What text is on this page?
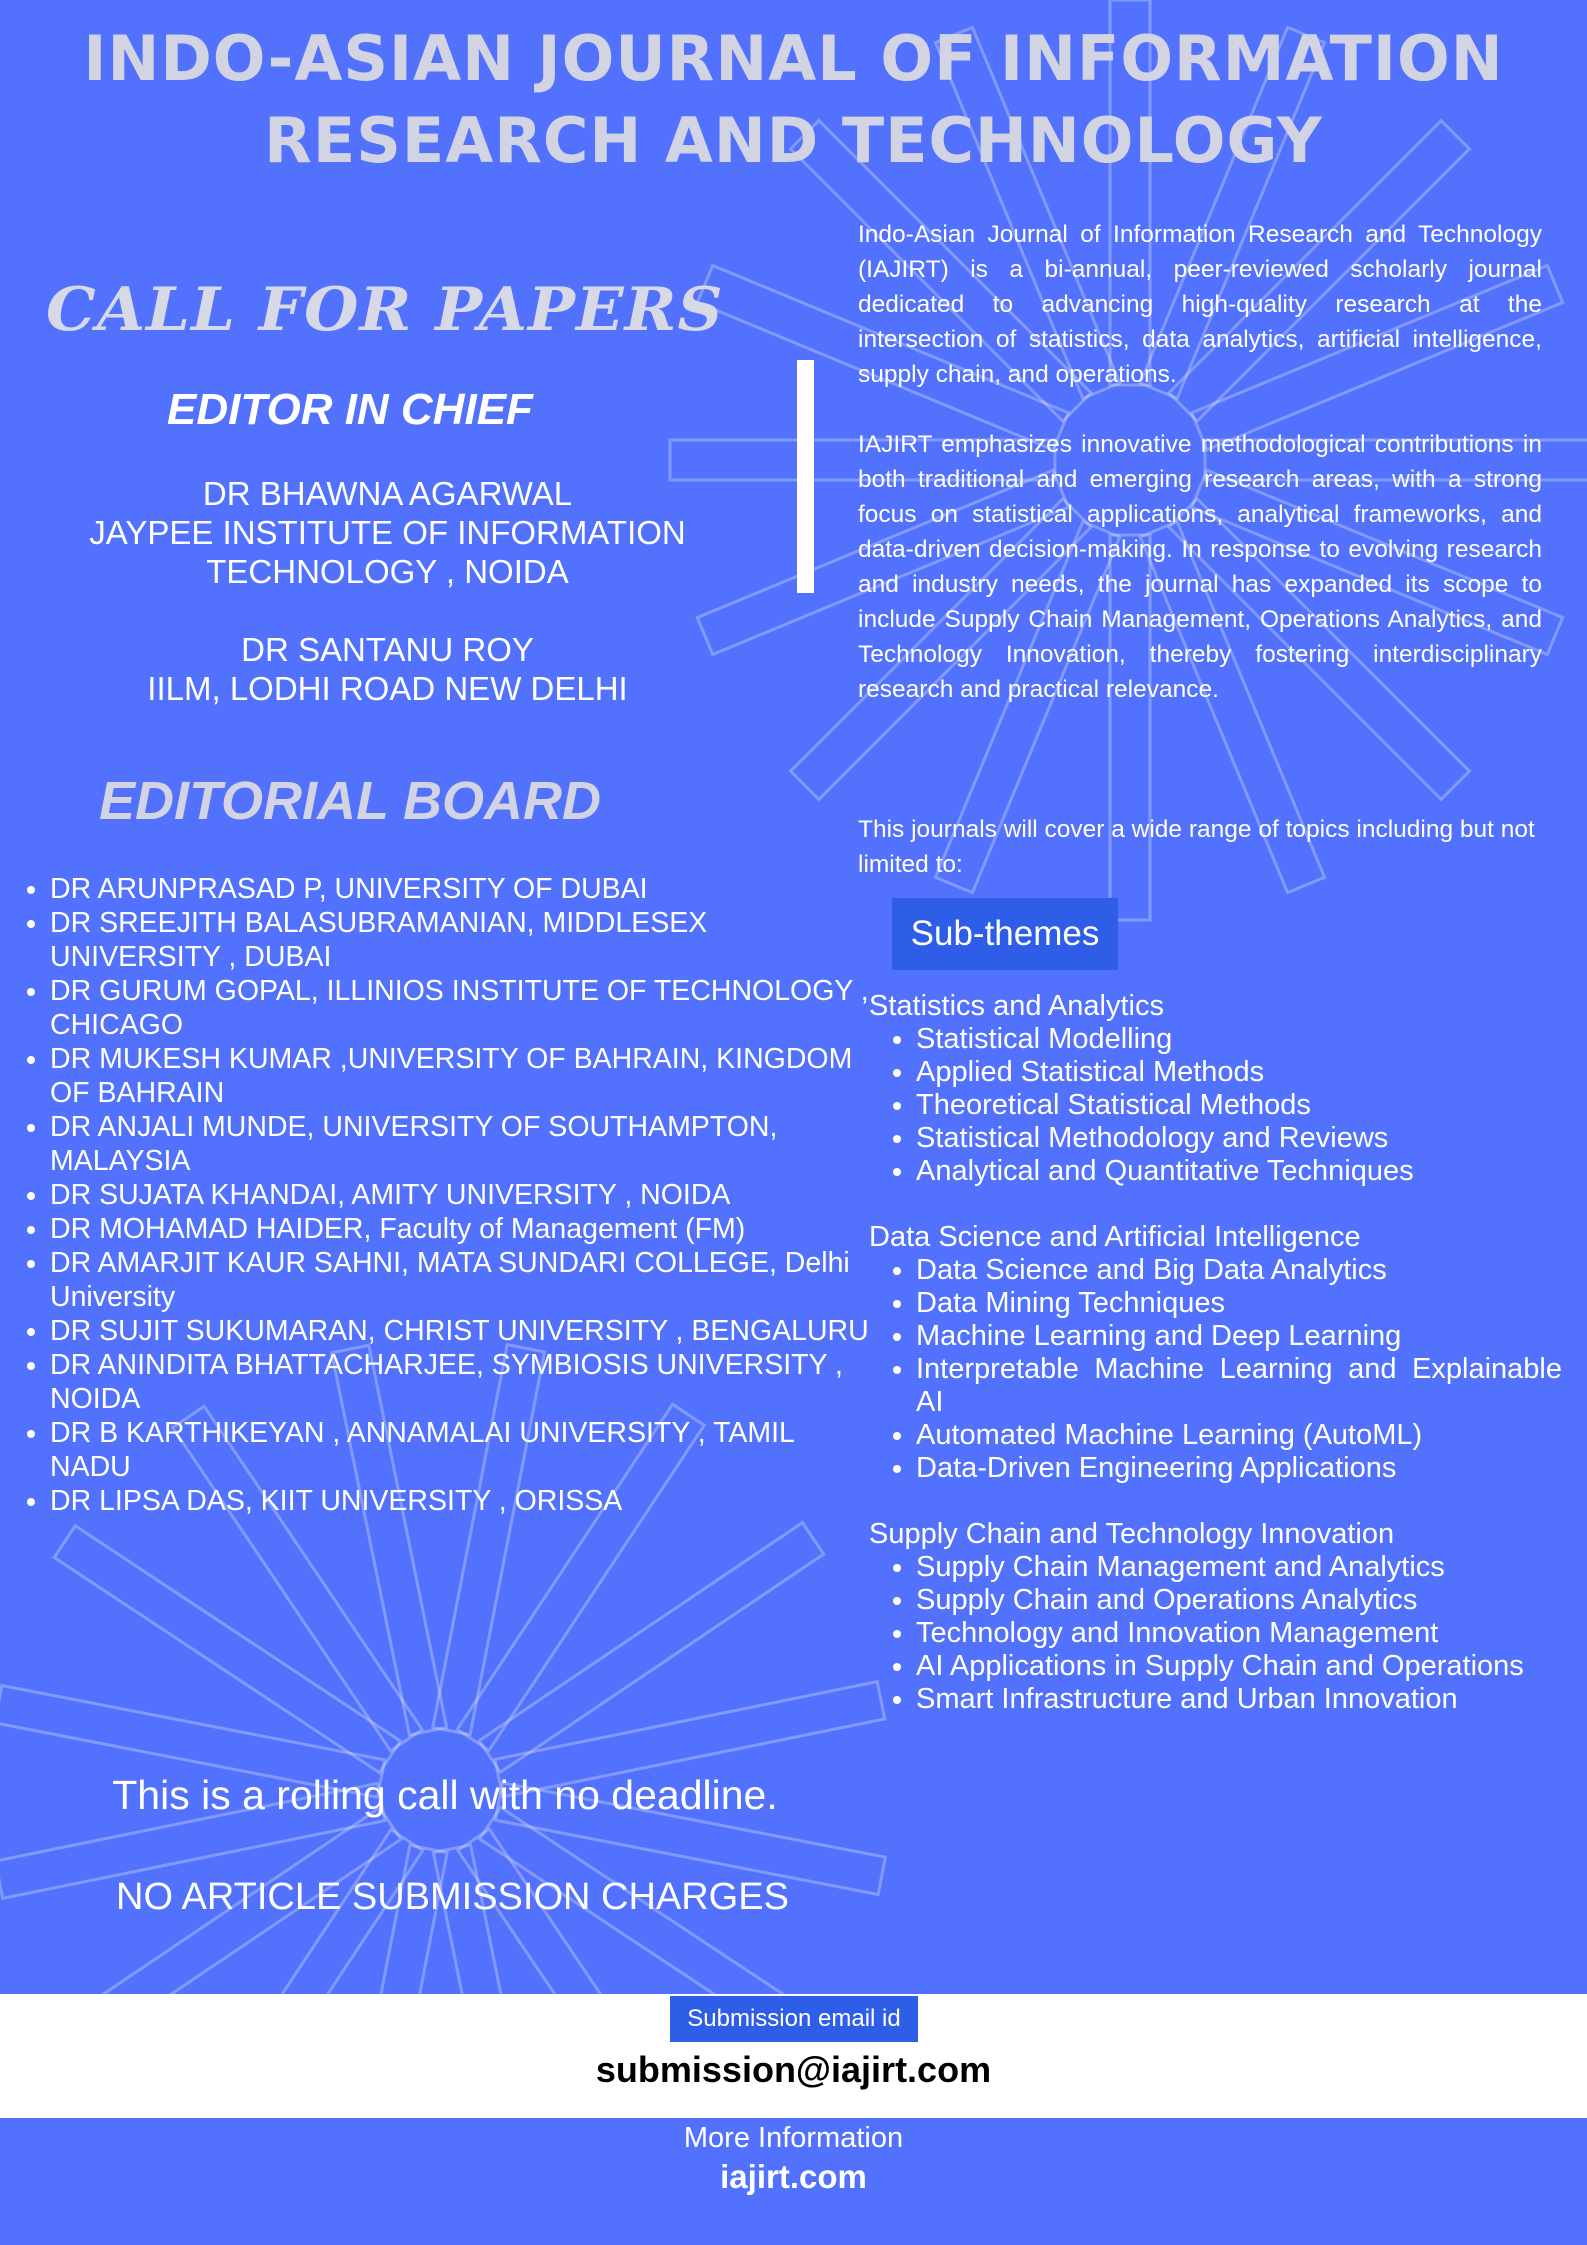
INDO-ASIAN JOURNAL OF INFORMATION
RESEARCH AND TECHNOLOGY
CALL FOR PAPERS
EDITOR IN CHIEF
DR BHAWNA AGARWAL
JAYPEE INSTITUTE OF INFORMATION
TECHNOLOGY , NOIDA
DR SANTANU ROY
IILM, LODHI ROAD NEW DELHI
EDITORIAL BOARD
• DR ARUNPRASAD P, UNIVERSITY OF DUBAI
• DR SREEJITH BALASUBRAMANIAN, MIDDLESEX UNIVERSITY , DUBAI
• DR GURUM GOPAL, ILLINIOS INSTITUTE OF TECHNOLOGY , CHICAGO
• DR MUKESH KUMAR ,UNIVERSITY OF BAHRAIN, KINGDOM OF BAHRAIN
• DR ANJALI MUNDE, UNIVERSITY OF SOUTHAMPTON, MALAYSIA
• DR SUJATA KHANDAI, AMITY UNIVERSITY , NOIDA
• DR MOHAMAD HAIDER, Faculty of Management (FM)
• DR AMARJIT KAUR SAHNI, MATA SUNDARI COLLEGE, Delhi University
• DR SUJIT SUKUMARAN, CHRIST UNIVERSITY , BENGALURU
• DR ANINDITA BHATTACHARJEE, SYMBIOSIS UNIVERSITY , NOIDA
• DR B KARTHIKEYAN , ANNAMALAI UNIVERSITY , TAMIL NADU
• DR LIPSA DAS, KIIT UNIVERSITY , ORISSA

Indo-Asian Journal of Information Research and Technology (IAJIRT) is a bi-annual, peer-reviewed scholarly journal dedicated to advancing high-quality research at the intersection of statistics, data analytics, artificial intelligence, supply chain, and operations.

IAJIRT emphasizes innovative methodological contributions in both traditional and emerging research areas, with a strong focus on statistical applications, analytical frameworks, and data-driven decision-making. In response to evolving research and industry needs, the journal has expanded its scope to include Supply Chain Management, Operations Analytics, and Technology Innovation, thereby fostering interdisciplinary research and practical relevance.

This journals will cover a wide range of topics including but not limited to:

Sub-themes
Statistics and Analytics
• Statistical Modelling
• Applied Statistical Methods
• Theoretical Statistical Methods
• Statistical Methodology and Reviews
• Analytical and Quantitative Techniques
Data Science and Artificial Intelligence
• Data Science and Big Data Analytics
• Data Mining Techniques
• Machine Learning and Deep Learning
• Interpretable Machine Learning and Explainable AI
• Automated Machine Learning (AutoML)
• Data-Driven Engineering Applications
Supply Chain and Technology Innovation
• Supply Chain Management and Analytics
• Supply Chain and Operations Analytics
• Technology and Innovation Management
• AI Applications in Supply Chain and Operations
• Smart Infrastructure and Urban Innovation
This is a rolling call with no deadline.
NO ARTICLE SUBMISSION CHARGES
Submission email id
submission@iajirt.com
More Information
iajirt.com
